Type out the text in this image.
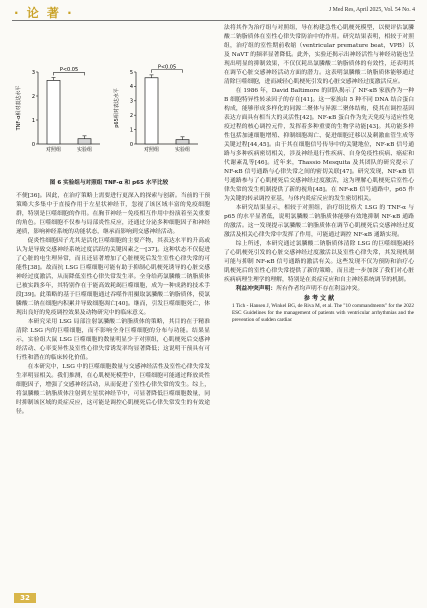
· 论 著 ·	J Med Res, April 2025, Vol. 54 No. 4
TNF-α相对表达水平
0
1
2
3
对照组	实验组
P<0.05
p65相对表达水平
0
1
2
3
4
5
对照组	实验组
P<0.05
图 6 实验组与对照组 TNF-α 和 p65 水平比较

不便[36]。因此，在治疗策略上需要进行更深入的探索与创新。当前的干预策略大多集中于直接作用于左星状神经节，忽视了该区域丰富的免疫细胞群，特别是巨噬细胞的作用。在胸节神经－免疫相互作用中扮演着至关重要的角色。巨噬细胞不仅参与局部炎性反应，还通过分泌多种细胞因子和神经递质，影响神经系统的功能状态，继承而影响到交感神经活动。

促炎性细胞因子尤其是活化巨噬细胞的主要产物，其表达水平的升高或认为是导致交感神经系统过度活跃的关键因素之一[37]。这种状态不仅促进了心脏的电生理异常，而且还显著增加了心脏梗死后发生室性心律失常的可能性[38]。故而抗 LSG 巨噬细胞可能有助于抑制心肌梗死诱导的心脏交感神经过度激活，从而降低室性心律失常发生率。全身给药氯膦酸二钠脂质体已被实践多年，其特别作在于能高效耗竭巨噬细胞，成为一种成熟的技术手段[39]。此策略的基于巨噬细胞通过吞噬作用摄取氯膦酸二钠脂质体，使氯膦酸二钠在细胞内积累并导致细胞凋亡[40]。继而，引发巨噬细胞死亡，体现出良好的免疫调控效果及动物研究中的临床意义。

本研究采用 LSG 局部注射氯膦酸二钠脂质体的策略，其目的在于精准清除 LSG 内的巨噬细胞，而不影响全身巨噬细胞的分布与功能。结果显示，实验组大鼠 LSG 巨噬细胞的数量明显少于对照组，心肌梗死后交感神经活动、心率变异性及室性心律失常诱发率均显著降低；这说明干预具有可行性和潜在的临床转化价值。

在本研究中，LSG 中的巨噬细胞数量与交感神经活性及室性心律失常发生率明显相关。我们推测，在心肌梗死模型中，巨噬细胞可能通过释放炎性细胞因子，增强了交感神经活动，从而促进了室性心律失常的发生。综上，将氯膦酸二钠脂质体注射到左星状神经节中，可显著降低巨噬细胞数量，同时抑制该区域的炎症反应，这可能是调控心肌梗死后心律失常发生的有效途径。

法将其作为治疗组与对照组，导在构建急性心肌梗死模型，以便评估氯膦酸二钠脂质体在室性心律失常防治中的作用。研究结果表明，相较于对照组，治疗组的室性期前收缩（ventricular premature beat，VPB）以及 NaVT 的频率显著降低。此外，实验还揭示出神经活性与神经功能也呈现出明显的抑制效果，不仅仅耗出氯膦酸二钠脂质体的有效性，还表明其在调节心脏交感神经活动方面的潜力。这表明氯膦酸二钠脂质体能够通过清除巨噬细胞，进而减轻心肌梗死引发的心脏交感神经过度激活反应。

在 1986 年，David Baltimore 的团队揭示了 NF-κB 家族作为一种 B 细胞特异性转录因子的存在[41]。这一家族由 5 种不同 DNA 结合蛋白构成，能够形成多样化的同源二聚体与异源二聚体结构，使其在调控基因表达方面具有相当大的灵活性[42]。NF-κB 蛋白作为先天免疫与适应性免疫过程的核心调控元件，发挥着多种重要的生物学功能[43]。其功能多样性包括加速细胞增殖、抑制细胞凋亡、促进细胞迁移以及刺激血管生成等关键过程[44,45]。由于其在细胞信号传导中的关键地位，NF-κB 信号通路与多种疾病密切相关，涉及神经退行性疾病、自身免疫性疾病、癌症和代谢紊乱等[46]。近年来，Thassio Mesquita 及其团队的研究提示了 NF-κB 信号通路与心律失常之间的密切关联[47]。研究发现，NF-κB 信号通路参与了心肌梗死后交感神经过度激活，这为理解心肌梗死后室性心律失常的发生机制提供了新的视角[48]。在 NF-κB 信号通路中，p65 作为关键的转录调控亚基，与体内炎症反应的发生密切相关。

本研究结果显示，相较于对照组，治疗组比格犬 LSG 的 TNF-α 与 p65 的水平显著低，说明氯膦酸二钠脂质体能够有效地抑制 NF-κB 通路的激活。这一发现提示氯膦酸二钠脂质体在调节心肌梗死后交感神经过度激活及相关心律失常中发挥了作用，可能通过调控 NF-κB 通路实现。

综上所述，本研究通过氯膦酸二钠脂质体清除 LSG 的巨噬细胞减轻了心肌梗死引发的心脏交感神经过度激活以及室性心律失常，其发现机制可能与抑制 NF-κB 信号通路的激活有关。这些发现不仅为预防和治疗心肌梗死后的室性心律失常提供了新的策略，而且进一步加深了我们对心脏疾病病理生理学的理解，特别是在炎症反应和自主神经系统调节的机制。

利益冲突声明：所有作者均声明不存在利益冲突。

参 考 文 献

1 Tich - Hansen J, Winkel BG, de Riva M, et al. The "10 commandments" for the 2022 ESC Guidelines for the management of patients with ventricular arrhythmias and the prevention of sudden cardiac

32
